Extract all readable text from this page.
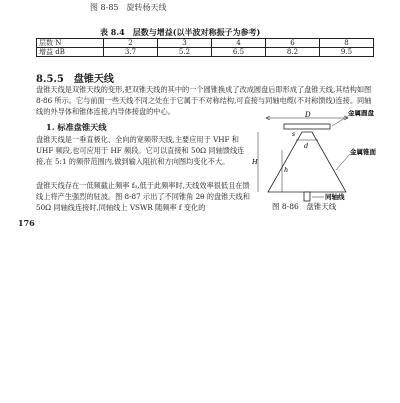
图 8-85　旋转杨天线
表 8.4　层数与增益(以半波对称振子为参考)
层数 N	2	3	4	6	8
增益 dB	3.7	5.2	6.5	8.2	9.5
8.5.5　盘锥天线
盘锥天线是双锥天线的变形,把双锥天线的其中的一个圆锥换成了改成圆盘后即形成了盘锥天线,其结构如图 8-86 所示。它与前面一些天线不同之处在于它属于不对称结构,可直接与同轴电缆(不对称馈线)连接。同轴线的外导体和锥体连接,内导体接盘的中心。
1. 标准盘锥天线
盘锥天线是一垂直极化、全向的宽频带天线,主要应用于 VHF 和 UHF 频段,也可应用于 HF 频段。它可以直接和 50Ω 同轴馈线连接,在 5:1 的频带范围内,做到输入阻抗和方向图均变化不大。
盘锥天线存在一低频截止频率 f₀,低于此频率时,天线效率很低且在馈线上将产生强烈的驻波。图 8-87 示出了不同锥角 2θ 的盘锥天线和 50Ω 同轴线连接时,同轴线上 VSWR 随频率 f 变化的
176
D	金属圆盘
s
金属锥面
d
H
h
同轴线
图 8-86　盘锥天线
